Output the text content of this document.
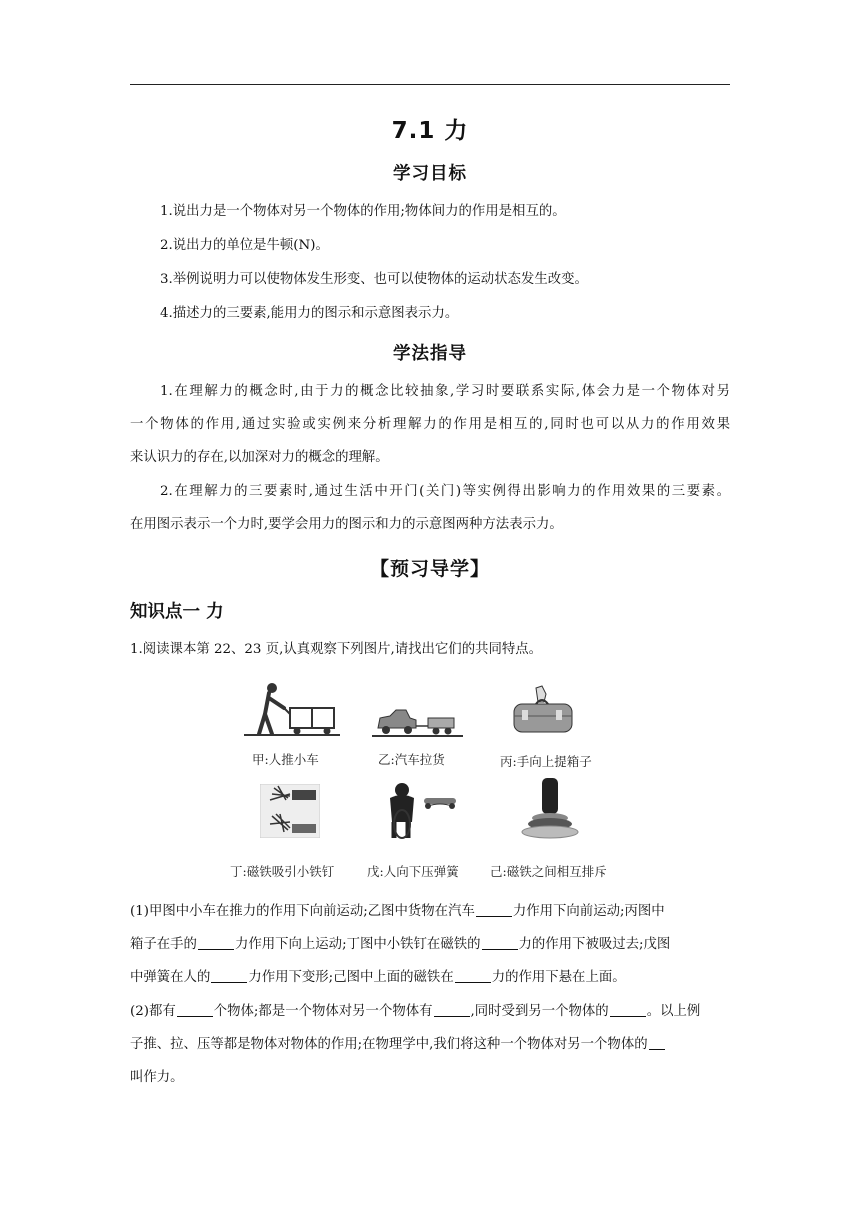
7.1 力
学习目标
1.说出力是一个物体对另一个物体的作用;物体间力的作用是相互的。
2.说出力的单位是牛顿(N)。
3.举例说明力可以使物体发生形变、也可以使物体的运动状态发生改变。
4.描述力的三要素,能用力的图示和示意图表示力。
学法指导
1.在理解力的概念时,由于力的概念比较抽象,学习时要联系实际,体会力是一个物体对另
一个物体的作用,通过实验或实例来分析理解力的作用是相互的,同时也可以从力的作用效果
来认识力的存在,以加深对力的概念的理解。
2.在理解力的三要素时,通过生活中开门(关门)等实例得出影响力的作用效果的三要素。
在用图示表示一个力时,要学会用力的图示和力的示意图两种方法表示力。
【预习导学】
知识点一 力
1.阅读课本第 22、23 页,认真观察下列图片,请找出它们的共同特点。
甲:人推小车	乙:汽车拉货	丙:手向上提箱子
丁:磁铁吸引小铁钉	戊:人向下压弹簧	己:磁铁之间相互排斥
(1)甲图中小车在推力的作用下向前运动;乙图中货物在汽车	力作用下向前运动;丙图中
箱子在手的	力作用下向上运动;丁图中小铁钉在磁铁的	力的作用下被吸过去;戊图
中弹簧在人的	力作用下变形;己图中上面的磁铁在	力的作用下悬在上面。
(2)都有	个物体;都是一个物体对另一个物体有	,同时受到另一个物体的	。以上例
子推、拉、压等都是物体对物体的作用;在物理学中,我们将这种一个物体对另一个物体的
叫作力。
